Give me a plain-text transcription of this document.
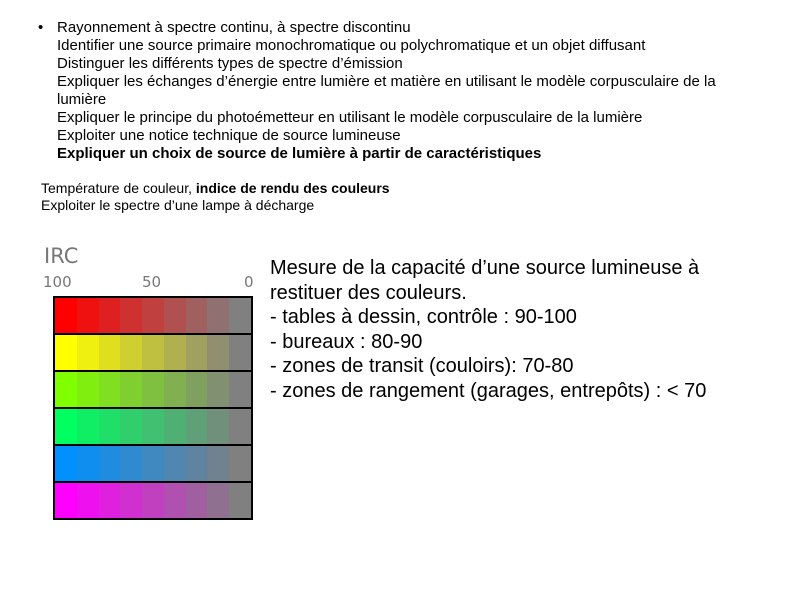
• Rayonnement à spectre continu, à spectre discontinu
Identifier une source primaire monochromatique ou polychromatique et un objet diffusant
Distinguer les différents types de spectre d’émission
Expliquer les échanges d’énergie entre lumière et matière en utilisant le modèle corpusculaire de la
lumière
Expliquer le principe du photoémetteur en utilisant le modèle corpusculaire de la lumière
Exploiter une notice technique de source lumineuse
Expliquer un choix de source de lumière à partir de caractéristiques
Température de couleur, indice de rendu des couleurs
Exploiter le spectre d’une lampe à décharge
IRC
100	50	0
Mesure de la capacité d’une source lumineuse à
restituer des couleurs.
- tables à dessin, contrôle : 90-100
- bureaux : 80-90
- zones de transit (couloirs): 70-80
- zones de rangement (garages, entrepôts) : < 70
